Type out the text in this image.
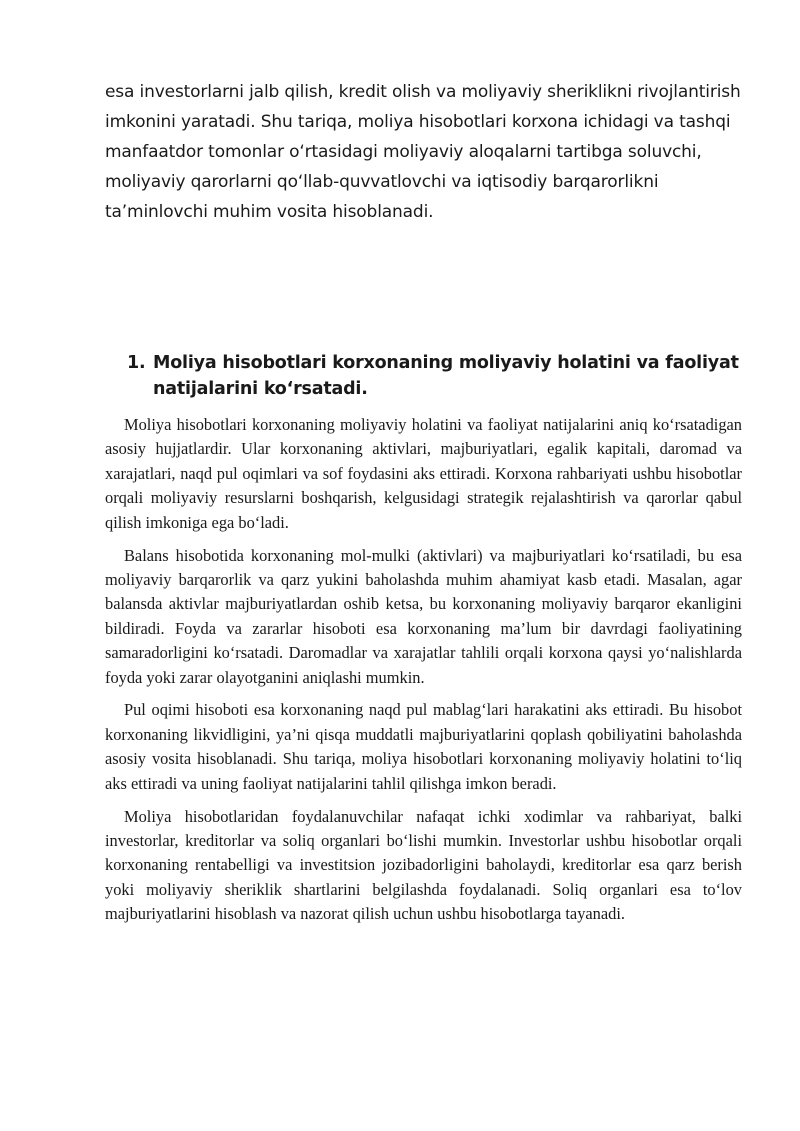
esa investorlarni jalb qilish, kredit olish va moliyaviy sheriklikni rivojlantirish imkonini yaratadi. Shu tariqa, moliya hisobotlari korxona ichidagi va tashqi manfaatdor tomonlar o‘rtasidagi moliyaviy aloqalarni tartibga soluvchi, moliyaviy qarorlarni qo‘llab-quvvatlovchi va iqtisodiy barqarorlikni ta’minlovchi muhim vosita hisoblanadi.

1. Moliya hisobotlari korxonaning moliyaviy holatini va faoliyat natijalarini ko‘rsatadi.

Moliya hisobotlari korxonaning moliyaviy holatini va faoliyat natijalarini aniq ko‘rsatadigan asosiy hujjatlardir. Ular korxonaning aktivlari, majburiyatlari, egalik kapitali, daromad va xarajatlari, naqd pul oqimlari va sof foydasini aks ettiradi. Korxona rahbariyati ushbu hisobotlar orqali moliyaviy resurslarni boshqarish, kelgusidagi strategik rejalashtirish va qarorlar qabul qilish imkoniga ega bo‘ladi.

Balans hisobotida korxonaning mol-mulki (aktivlari) va majburiyatlari ko‘rsatiladi, bu esa moliyaviy barqarorlik va qarz yukini baholashda muhim ahamiyat kasb etadi. Masalan, agar balansda aktivlar majburiyatlardan oshib ketsa, bu korxonaning moliyaviy barqaror ekanligini bildiradi. Foyda va zararlar hisoboti esa korxonaning ma’lum bir davrdagi faoliyatining samaradorligini ko‘rsatadi. Daromadlar va xarajatlar tahlili orqali korxona qaysi yo‘nalishlarda foyda yoki zarar olayotganini aniqlashi mumkin.

Pul oqimi hisoboti esa korxonaning naqd pul mablag‘lari harakatini aks ettiradi. Bu hisobot korxonaning likvidligini, ya’ni qisqa muddatli majburiyatlarini qoplash qobiliyatini baholashda asosiy vosita hisoblanadi. Shu tariqa, moliya hisobotlari korxonaning moliyaviy holatini to‘liq aks ettiradi va uning faoliyat natijalarini tahlil qilishga imkon beradi.

Moliya hisobotlaridan foydalanuvchilar nafaqat ichki xodimlar va rahbariyat, balki investorlar, kreditorlar va soliq organlari bo‘lishi mumkin. Investorlar ushbu hisobotlar orqali korxonaning rentabelligi va investitsion jozibadorligini baholaydi, kreditorlar esa qarz berish yoki moliyaviy sheriklik shartlarini belgilashda foydalanadi. Soliq organlari esa to‘lov majburiyatlarini hisoblash va nazorat qilish uchun ushbu hisobotlarga tayanadi.
